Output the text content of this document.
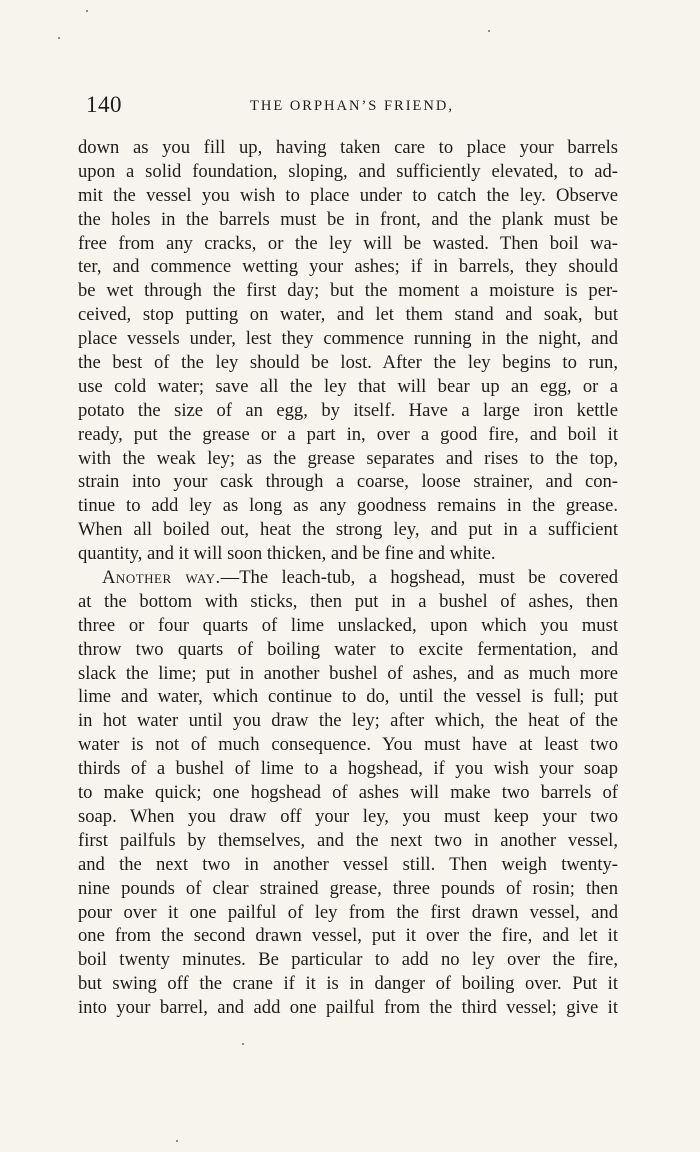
140	THE ORPHAN’S FRIEND,
down as you fill up, having taken care to place your barrels
upon a solid foundation, sloping, and sufficiently elevated, to ad-
mit the vessel you wish to place under to catch the ley. Observe
the holes in the barrels must be in front, and the plank must be
free from any cracks, or the ley will be wasted. Then boil wa-
ter, and commence wetting your ashes; if in barrels, they should
be wet through the first day; but the moment a moisture is per-
ceived, stop putting on water, and let them stand and soak, but
place vessels under, lest they commence running in the night, and
the best of the ley should be lost. After the ley begins to run,
use cold water; save all the ley that will bear up an egg, or a
potato the size of an egg, by itself. Have a large iron kettle
ready, put the grease or a part in, over a good fire, and boil it
with the weak ley; as the grease separates and rises to the top,
strain into your cask through a coarse, loose strainer, and con-
tinue to add ley as long as any goodness remains in the grease.
When all boiled out, heat the strong ley, and put in a sufficient
quantity, and it will soon thicken, and be fine and white.
Another way.—The leach-tub, a hogshead, must be covered
at the bottom with sticks, then put in a bushel of ashes, then
three or four quarts of lime unslacked, upon which you must
throw two quarts of boiling water to excite fermentation, and
slack the lime; put in another bushel of ashes, and as much more
lime and water, which continue to do, until the vessel is full; put
in hot water until you draw the ley; after which, the heat of the
water is not of much consequence. You must have at least two
thirds of a bushel of lime to a hogshead, if you wish your soap
to make quick; one hogshead of ashes will make two barrels of
soap. When you draw off your ley, you must keep your two
first pailfuls by themselves, and the next two in another vessel,
and the next two in another vessel still. Then weigh twenty-
nine pounds of clear strained grease, three pounds of rosin; then
pour over it one pailful of ley from the first drawn vessel, and
one from the second drawn vessel, put it over the fire, and let it
boil twenty minutes. Be particular to add no ley over the fire,
but swing off the crane if it is in danger of boiling over. Put it
into your barrel, and add one pailful from the third vessel; give it
